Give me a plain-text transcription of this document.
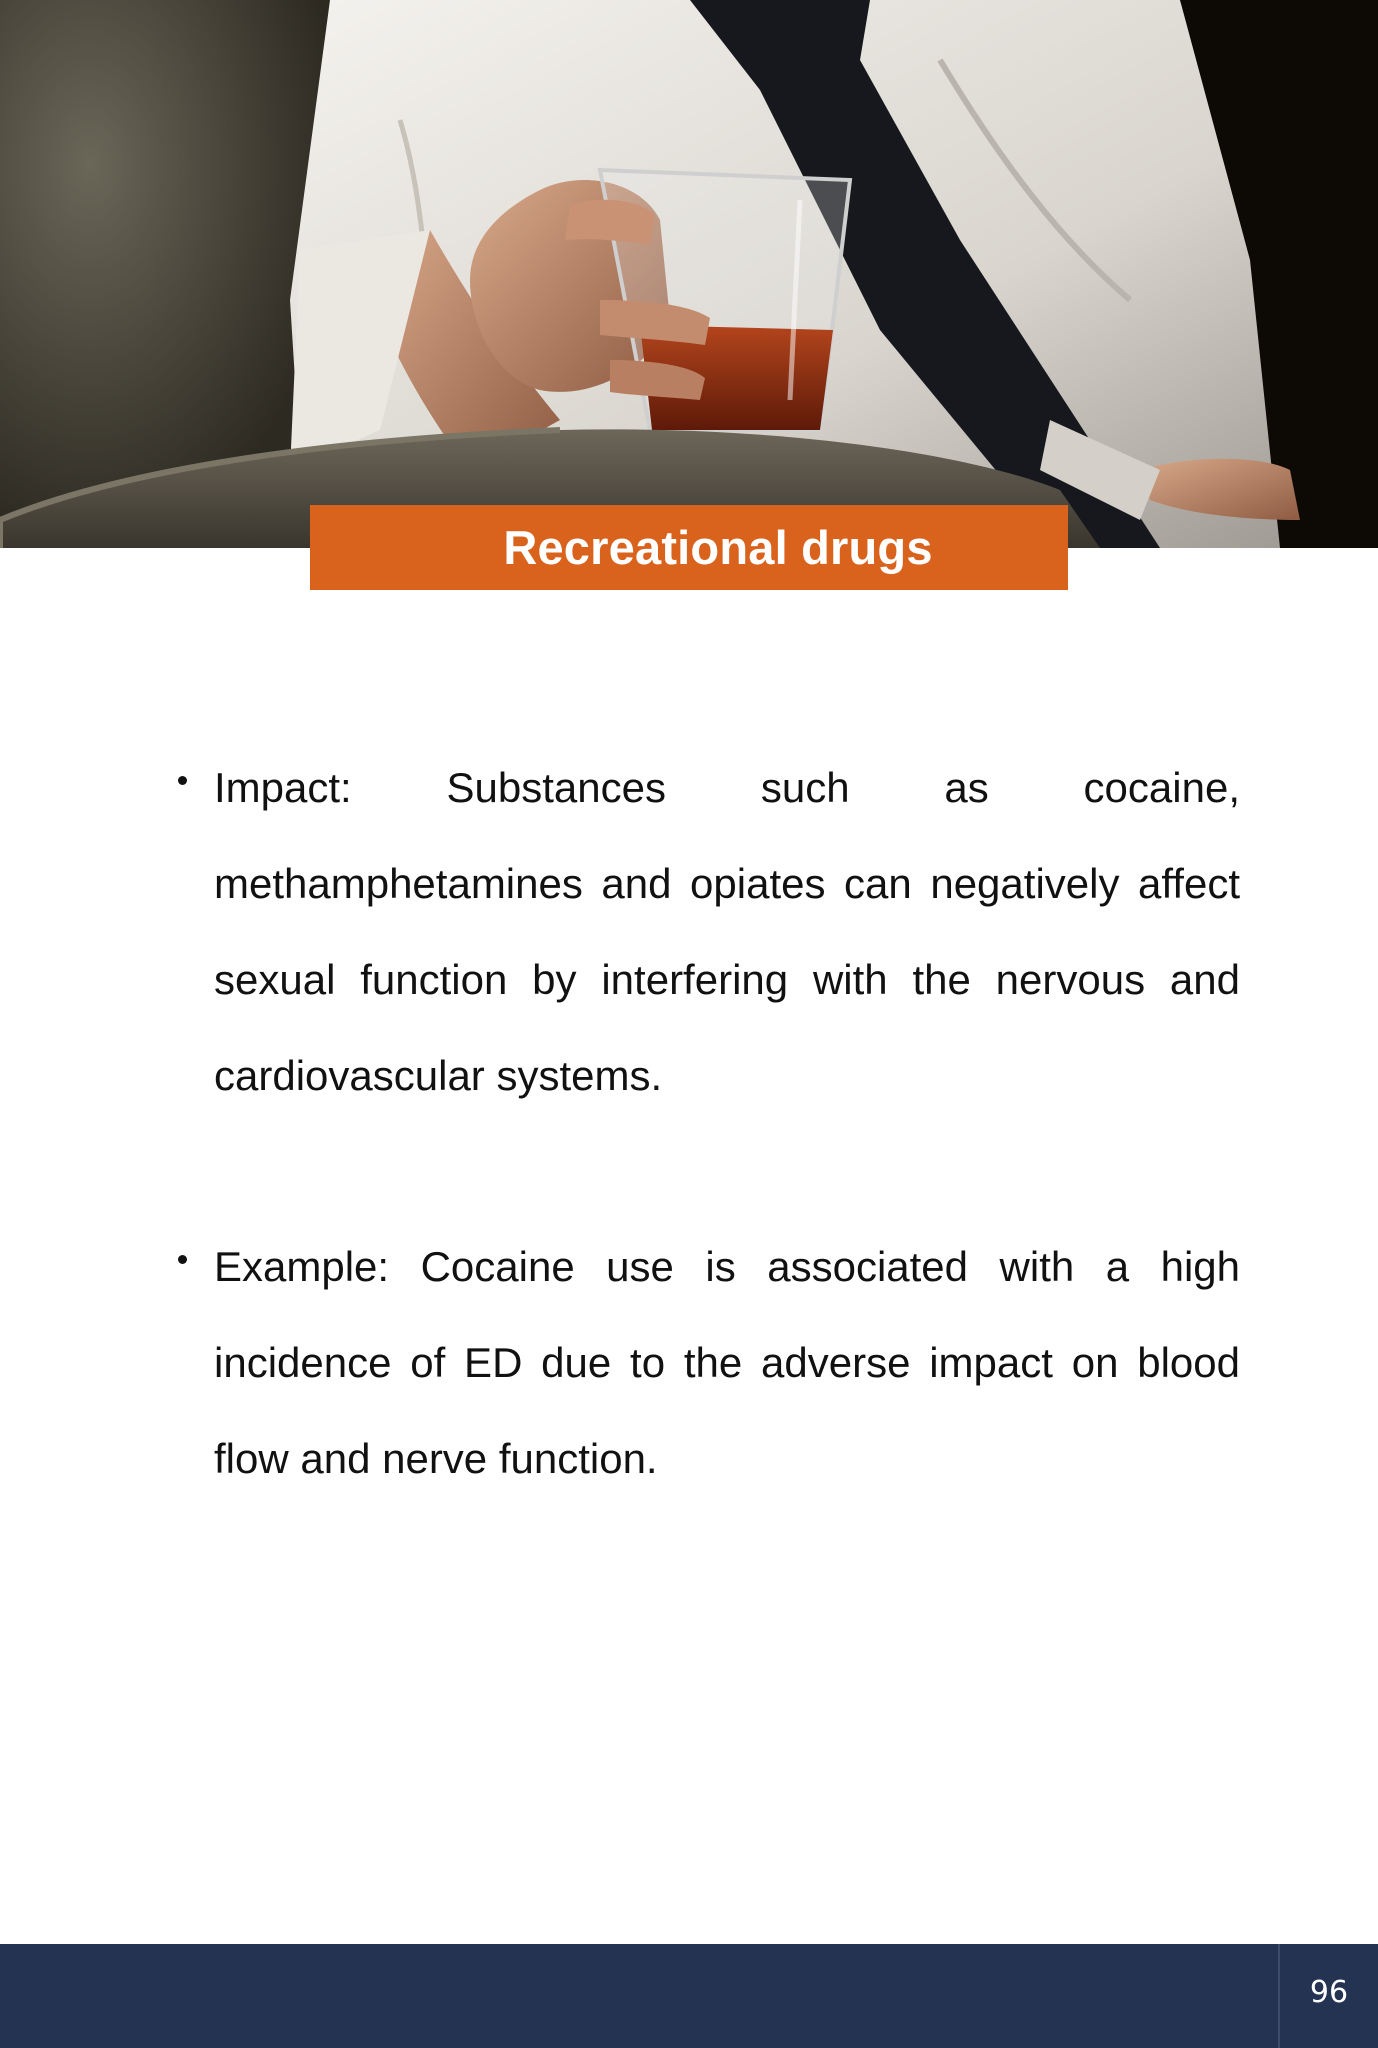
Recreational drugs

Impact: Substances such as cocaine, methamphetamines and opiates can negatively affect sexual function by interfering with the nervous and cardiovascular systems.

Example: Cocaine use is associated with a high incidence of ED due to the adverse impact on blood flow and nerve function.

96
